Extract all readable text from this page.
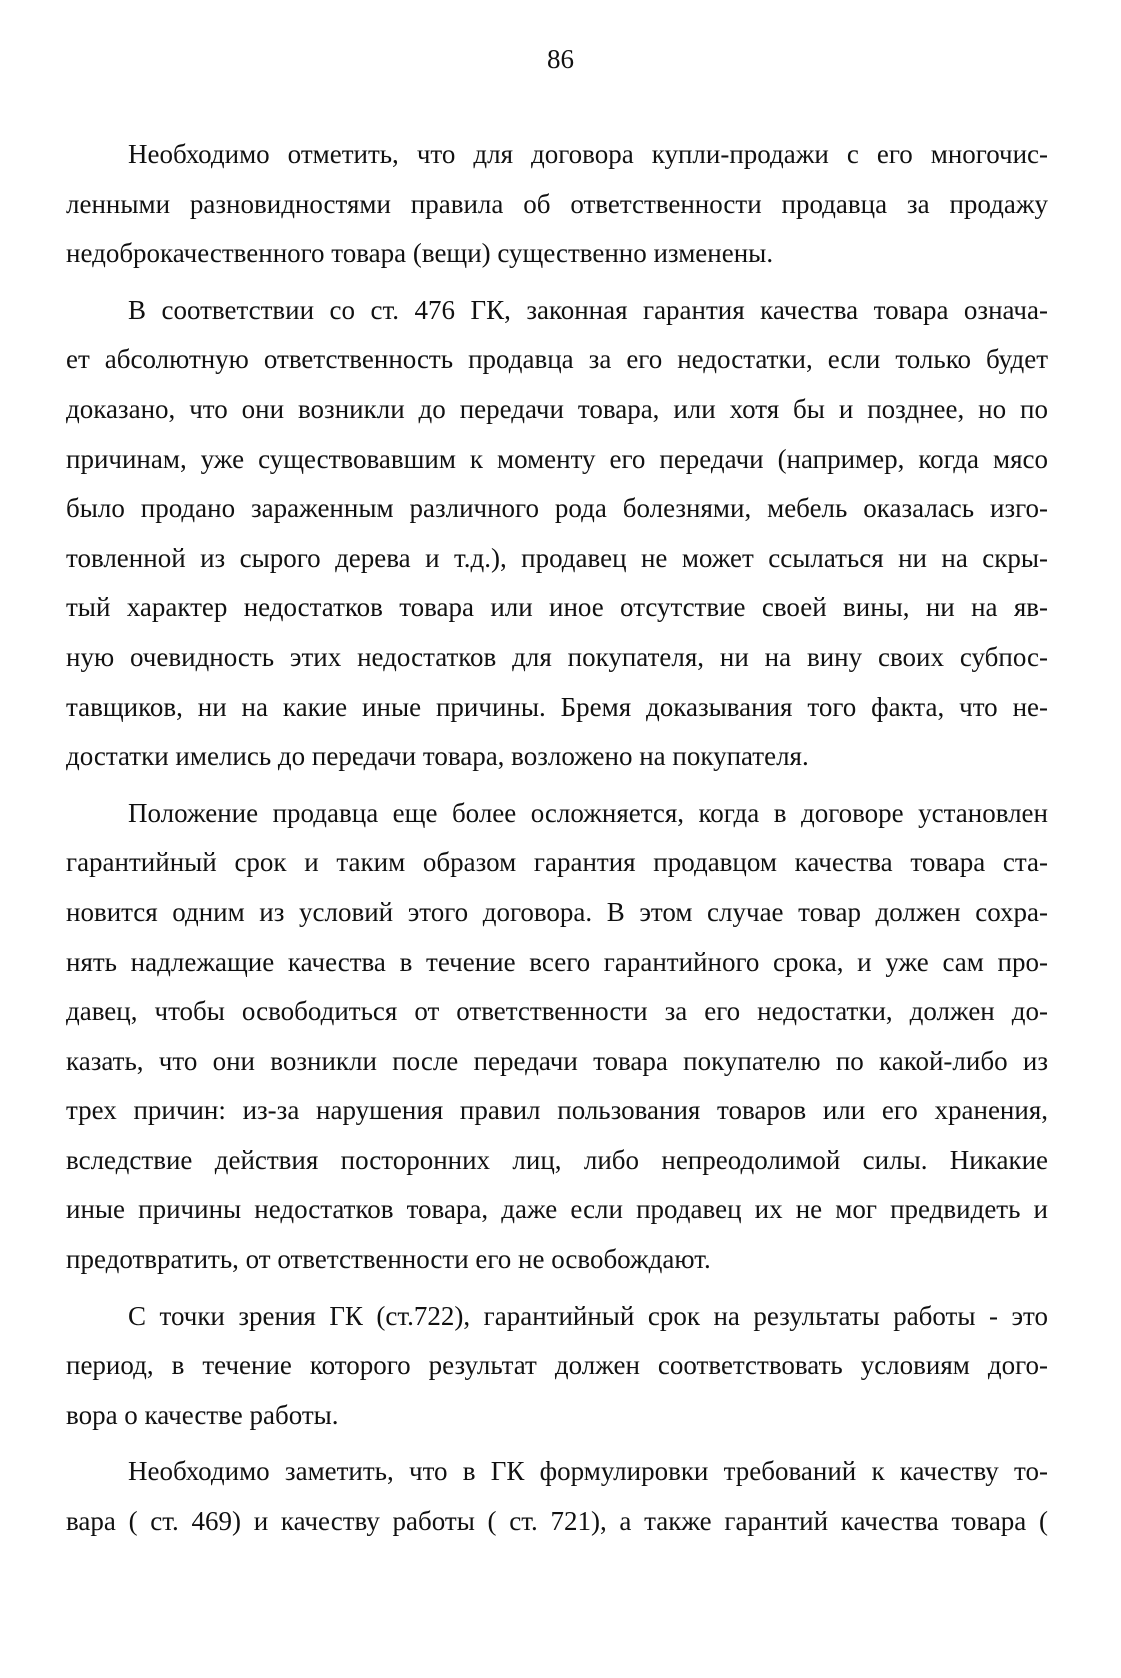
86

Необходимо отметить, что для договора купли-продажи с его многочис-
ленными разновидностями правила об ответственности продавца за продажу
недоброкачественного товара (вещи) существенно изменены.

В соответствии со ст. 476 ГК, законная гарантия качества товара означа-
ет абсолютную ответственность продавца за его недостатки, если только будет
доказано, что они возникли до передачи товара, или хотя бы и позднее, но по
причинам, уже существовавшим к моменту его передачи (например, когда мясо
было продано зараженным различного рода болезнями, мебель оказалась изго-
товленной из сырого дерева и т.д.), продавец не может ссылаться ни на скры-
тый характер недостатков товара или иное отсутствие своей вины, ни на яв-
ную очевидность этих недостатков для покупателя, ни на вину своих субпос-
тавщиков, ни на какие иные причины. Бремя доказывания того факта, что не-
достатки имелись до передачи товара, возложено на покупателя.

Положение продавца еще более осложняется, когда в договоре установлен
гарантийный срок и таким образом гарантия продавцом качества товара ста-
новится одним из условий этого договора. В этом случае товар должен сохра-
нять надлежащие качества в течение всего гарантийного срока, и уже сам про-
давец, чтобы освободиться от ответственности за его недостатки, должен до-
казать, что они возникли после передачи товара покупателю по какой-либо из
трех причин: из-за нарушения правил пользования товаров или его хранения,
вследствие действия посторонних лиц, либо непреодолимой силы. Никакие
иные причины недостатков товара, даже если продавец их не мог предвидеть и
предотвратить, от ответственности его не освобождают.

С точки зрения ГК (ст.722), гарантийный срок на результаты работы - это
период, в течение которого результат должен соответствовать условиям дого-
вора о качестве работы.

Необходимо заметить, что в ГК формулировки требований к качеству то-
вара ( ст. 469) и качеству работы ( ст. 721), а также гарантий качества товара (
